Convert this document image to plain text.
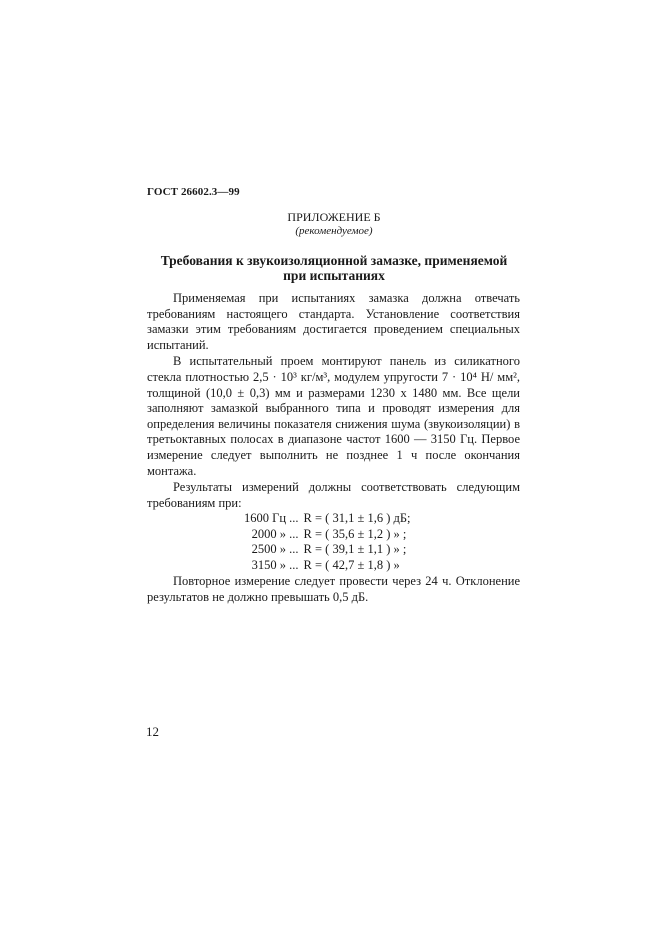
ГОСТ 26602.3—99
ПРИЛОЖЕНИЕ Б
(рекомендуемое)
Требования к звукоизоляционной замазке, применяемой
при испытаниях

Применяемая при испытаниях замазка должна отвечать требованиям настоящего стандарта. Установление соответствия замазки этим требованиям достигается проведением специальных испытаний.

В испытательный проем монтируют панель из силикатного стекла плотностью 2,5 · 10³ кг/м³, модулем упругости 7 · 10⁴ Н/ мм², толщиной (10,0 ± 0,3) мм и размерами 1230 х 1480 мм. Все щели заполняют замазкой выбранного типа и проводят измерения для определения величины показателя снижения шума (звукоизоляции) в третьоктавных полосах в диапазоне частот 1600 — 3150 Гц. Первое измерение следует выполнить не позднее 1 ч после окончания монтажа.

Результаты измерений должны соответствовать следующим требованиям при:

1600 Гц ...	R = ( 31,1 ± 1,6 ) дБ;
2000 » ...	R = ( 35,6 ± 1,2 ) » ;
2500 » ...	R = ( 39,1 ± 1,1 ) » ;
3150 » ...	R = ( 42,7 ± 1,8 ) »

Повторное измерение следует провести через 24 ч. Отклонение результатов не должно превышать 0,5 дБ.

12
